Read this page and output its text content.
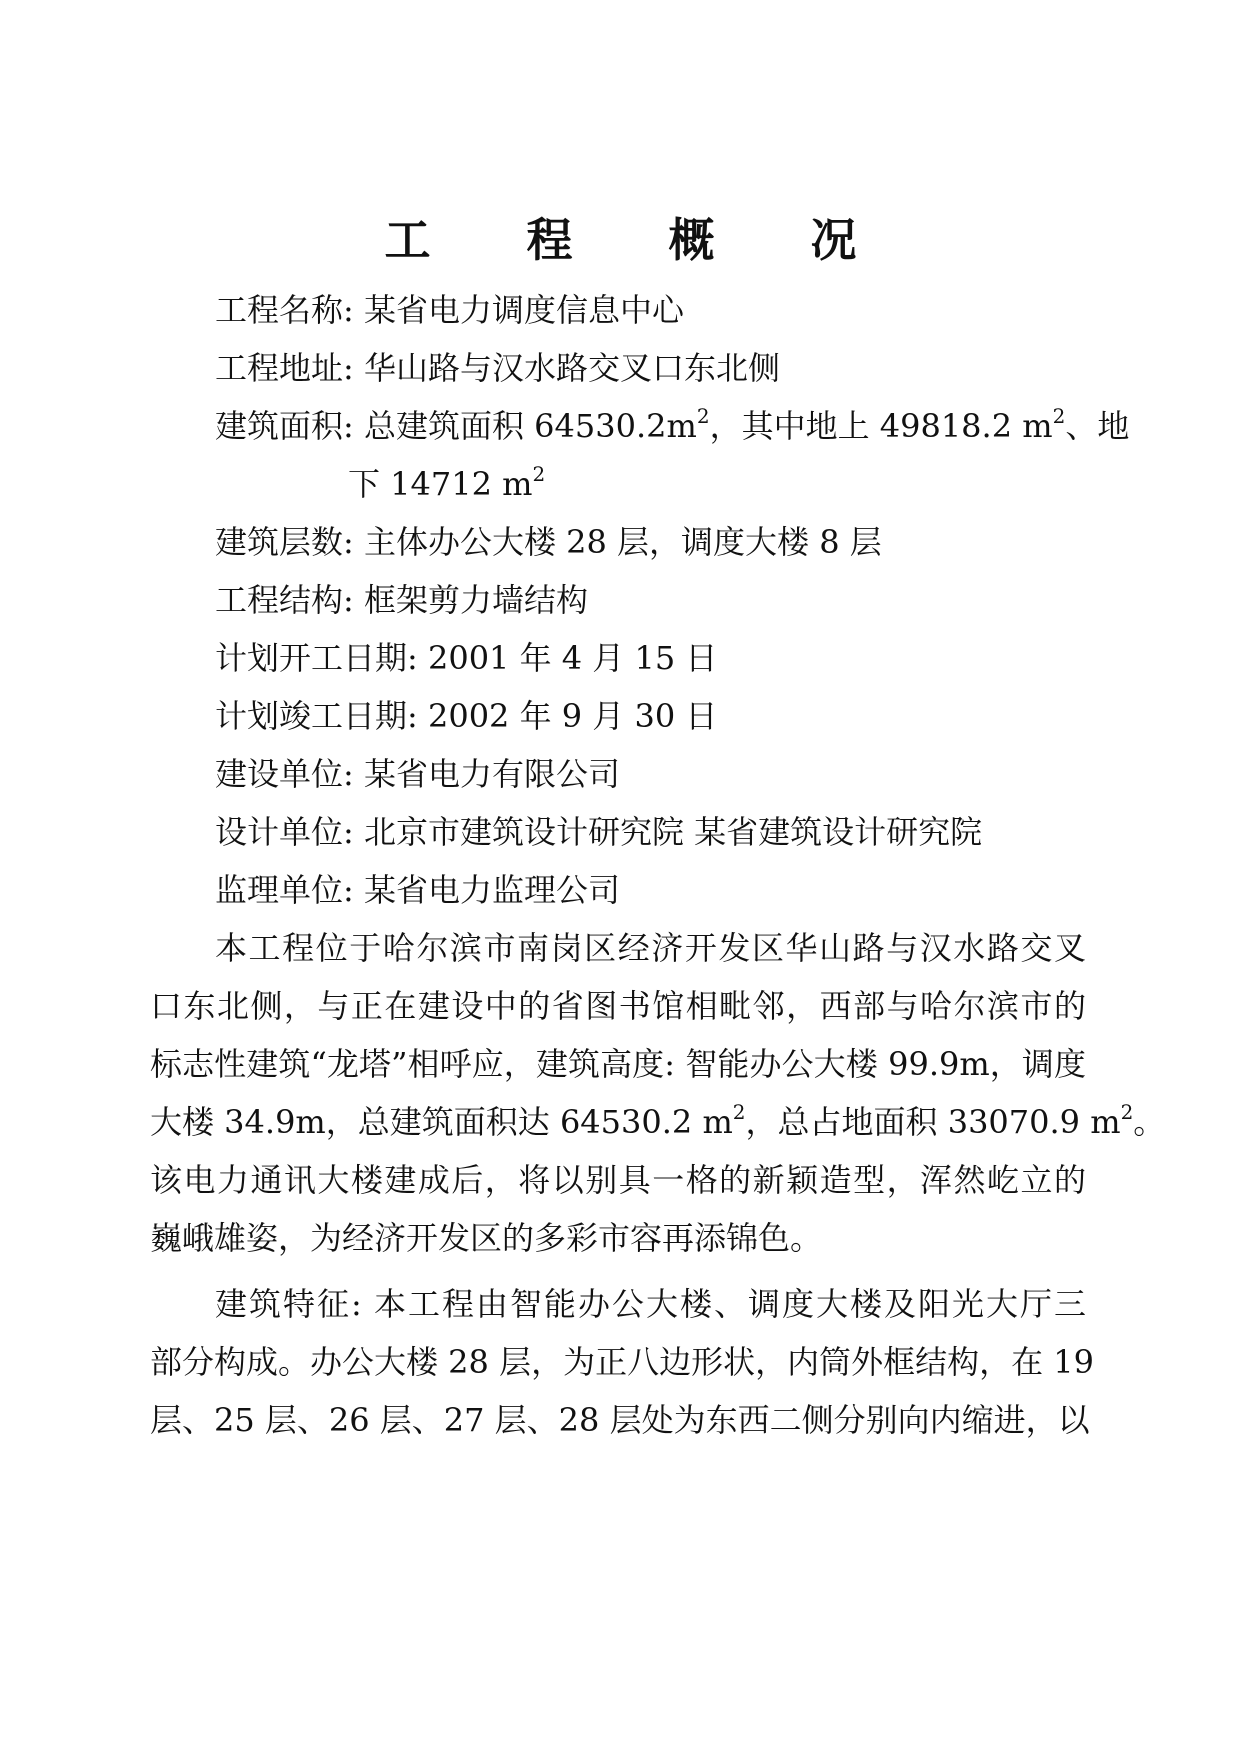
工 程 概 况
工程名称: 某省电力调度信息中心
工程地址: 华山路与汉水路交叉口东北侧
建筑面积: 总建筑面积 $64530.2m^2$，其中地上 49818.2 $m^2$、地
下 14712 $m^2$
建筑层数: 主体办公大楼 28 层，调度大楼 8 层
工程结构: 框架剪力墙结构
计划开工日期: 2001 年 4 月 15 日
计划竣工日期: 2002 年 9 月 30 日
建设单位: 某省电力有限公司
设计单位: 北京市建筑设计研究院 某省建筑设计研究院
监理单位: 某省电力监理公司
本工程位于哈尔滨市南岗区经济开发区华山路与汉水路交叉
口东北侧，与正在建设中的省图书馆相毗邻，西部与哈尔滨市的
标志性建筑“龙塔”相呼应，建筑高度: 智能办公大楼 99.9m，调度
大楼 34.9m，总建筑面积达 64530.2 $m^2$，总占地面积 33070.9 $m^2$。
该电力通讯大楼建成后，将以别具一格的新颖造型，浑然屹立的
巍峨雄姿，为经济开发区的多彩市容再添锦色。
建筑特征: 本工程由智能办公大楼、调度大楼及阳光大厅三
部分构成。办公大楼 28 层，为正八边形状，内筒外框结构，在 19
层、25 层、26 层、27 层、28 层处为东西二侧分别向内缩进，以
